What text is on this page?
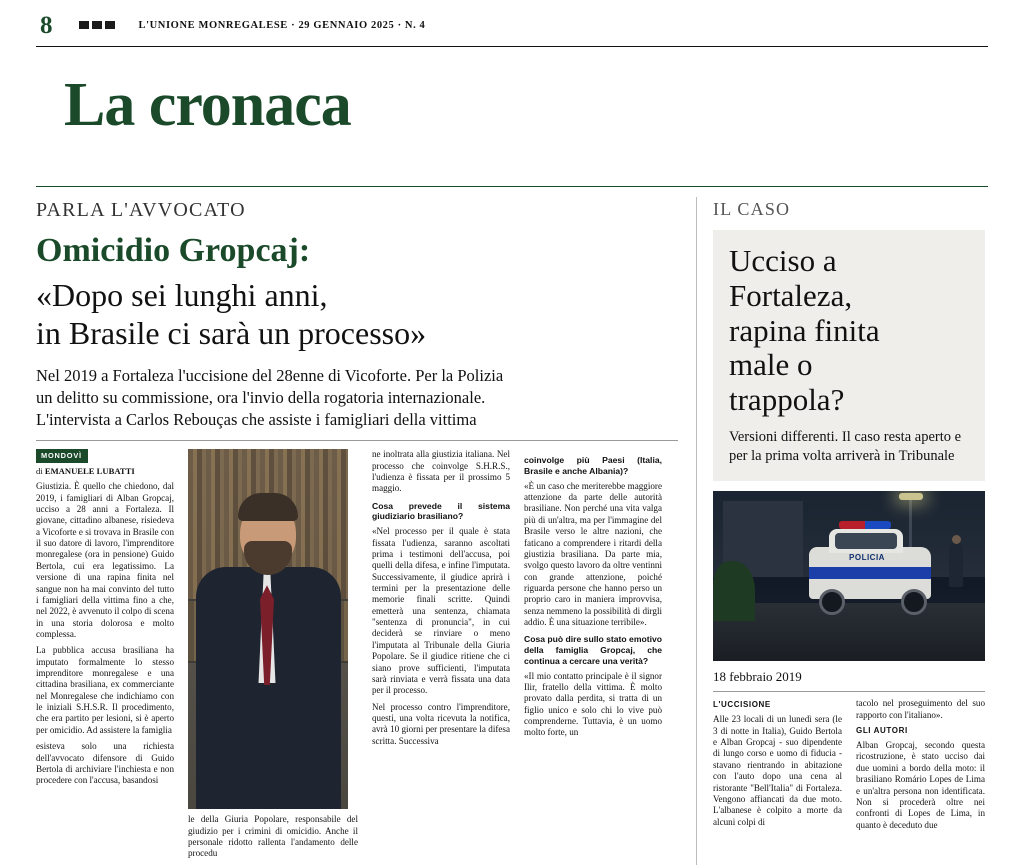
8	L'UNIONE MONREGALESE · 29 GENNAIO 2025 · N. 4
La cronaca
PARLA L'AVVOCATO
Omicidio Gropcaj:
«Dopo sei lunghi anni,
in Brasile ci sarà un processo»
Nel 2019 a Fortaleza l'uccisione del 28enne di Vicoforte. Per la Polizia
un delitto su commissione, ora l'invio della rogatoria internazionale.
L'intervista a Carlos Rebouças che assiste i famigliari della vittima
MONDOVÌ
di EMANUELE LUBATTI

Giustizia. È quello che chiedono, dal 2019, i famigliari di Alban Gropcaj, ucciso a 28 anni a Fortaleza. Il giovane, cittadino albanese, risiedeva a Vicoforte e si trovava in Brasile con il suo datore di lavoro, l'imprenditore monregalese (ora in pensione) Guido Bertola, cui era legatissimo. La versione di una rapina finita nel sangue non ha mai convinto del tutto i famigliari della vittima fino a che, nel 2022, è avvenuto il colpo di scena in una storia dolorosa e molto complessa.

La pubblica accusa brasiliana ha imputato formalmente lo stesso imprenditore monregalese e una cittadina brasiliana, ex commerciante nel Monregalese che indichiamo con le iniziali S.H.S.R. Il procedimento, che era partito per lesioni, si è aperto per omicidio. Ad assistere la famiglia

esisteva solo una richiesta dell'avvocato difensore di Guido Bertola di archiviare l'inchiesta e non procedere con l'accusa, basandosi

le della Giuria Popolare, responsabile del giudizio per i crimini di omicidio. Anche il personale ridotto rallenta l'andamento delle procedu

ne inoltrata alla giustizia italiana. Nel processo che coinvolge S.H.R.S., l'udienza è fissata per il prossimo 5 maggio.

Cosa prevede il sistema giudiziario brasiliano?

«Nel processo per il quale è stata fissata l'udienza, saranno ascoltati prima i testimoni dell'accusa, poi quelli della difesa, e infine l'imputata. Successivamente, il giudice aprirà i termini per la presentazione delle memorie finali scritte. Quindi emetterà una sentenza, chiamata "sentenza di pronuncia", in cui deciderà se rinviare o meno l'imputata al Tribunale della Giuria Popolare. Se il giudice ritiene che ci siano prove sufficienti, l'imputata sarà rinviata e verrà fissata una data per il processo.

Nel processo contro l'imprenditore, questi, una volta ricevuta la notifica, avrà 10 giorni per presentare la difesa scritta. Successiva

coinvolge più Paesi (Italia, Brasile e anche Albania)?

«È un caso che meriterebbe maggiore attenzione da parte delle autorità brasiliane. Non perché una vita valga più di un'altra, ma per l'immagine del Brasile verso le altre nazioni, che faticano a comprendere i ritardi della giustizia brasiliana. Da parte mia, svolgo questo lavoro da oltre ventinni con grande attenzione, poiché riguarda persone che hanno perso un proprio caro in maniera improvvisa, senza nemmeno la possibilità di dirgli addio. È una situazione terribile».

Cosa può dire sullo stato emotivo della famiglia Gropcaj, che continua a cercare una verità?

«Il mio contatto principale è il signor Ilir, fratello della vittima. È molto provato dalla perdita, si tratta di un figlio unico e solo chi lo vive può comprenderne. Tuttavia, è un uomo molto forte, un

IL CASO
Ucciso a
Fortaleza,
rapina finita
male o
trappola?
Versioni differenti. Il caso resta aperto e per la prima volta arriverà in Tribunale
POLICIA
18 febbraio 2019
L'UCCISIONE

Alle 23 locali di un lunedì sera (le 3 di notte in Italia), Guido Bertola e Alban Gropcaj - suo dipendente di lungo corso e uomo di fiducia - stavano rientrando in abitazione con l'auto dopo una cena al ristorante "Bell'Italia" di Fortaleza. Vengono affiancati da due moto. L'albanese è colpito a morte da alcuni colpi di

tacolo nel proseguimento del suo rapporto con l'italiano».

GLI AUTORI

Alban Gropcaj, secondo questa ricostruzione, è stato ucciso dai due uomini a bordo della moto: il brasiliano Romário Lopes de Lima e un'altra persona non identificata. Non si procederà oltre nei confronti di Lopes de Lima, in quanto è deceduto due
